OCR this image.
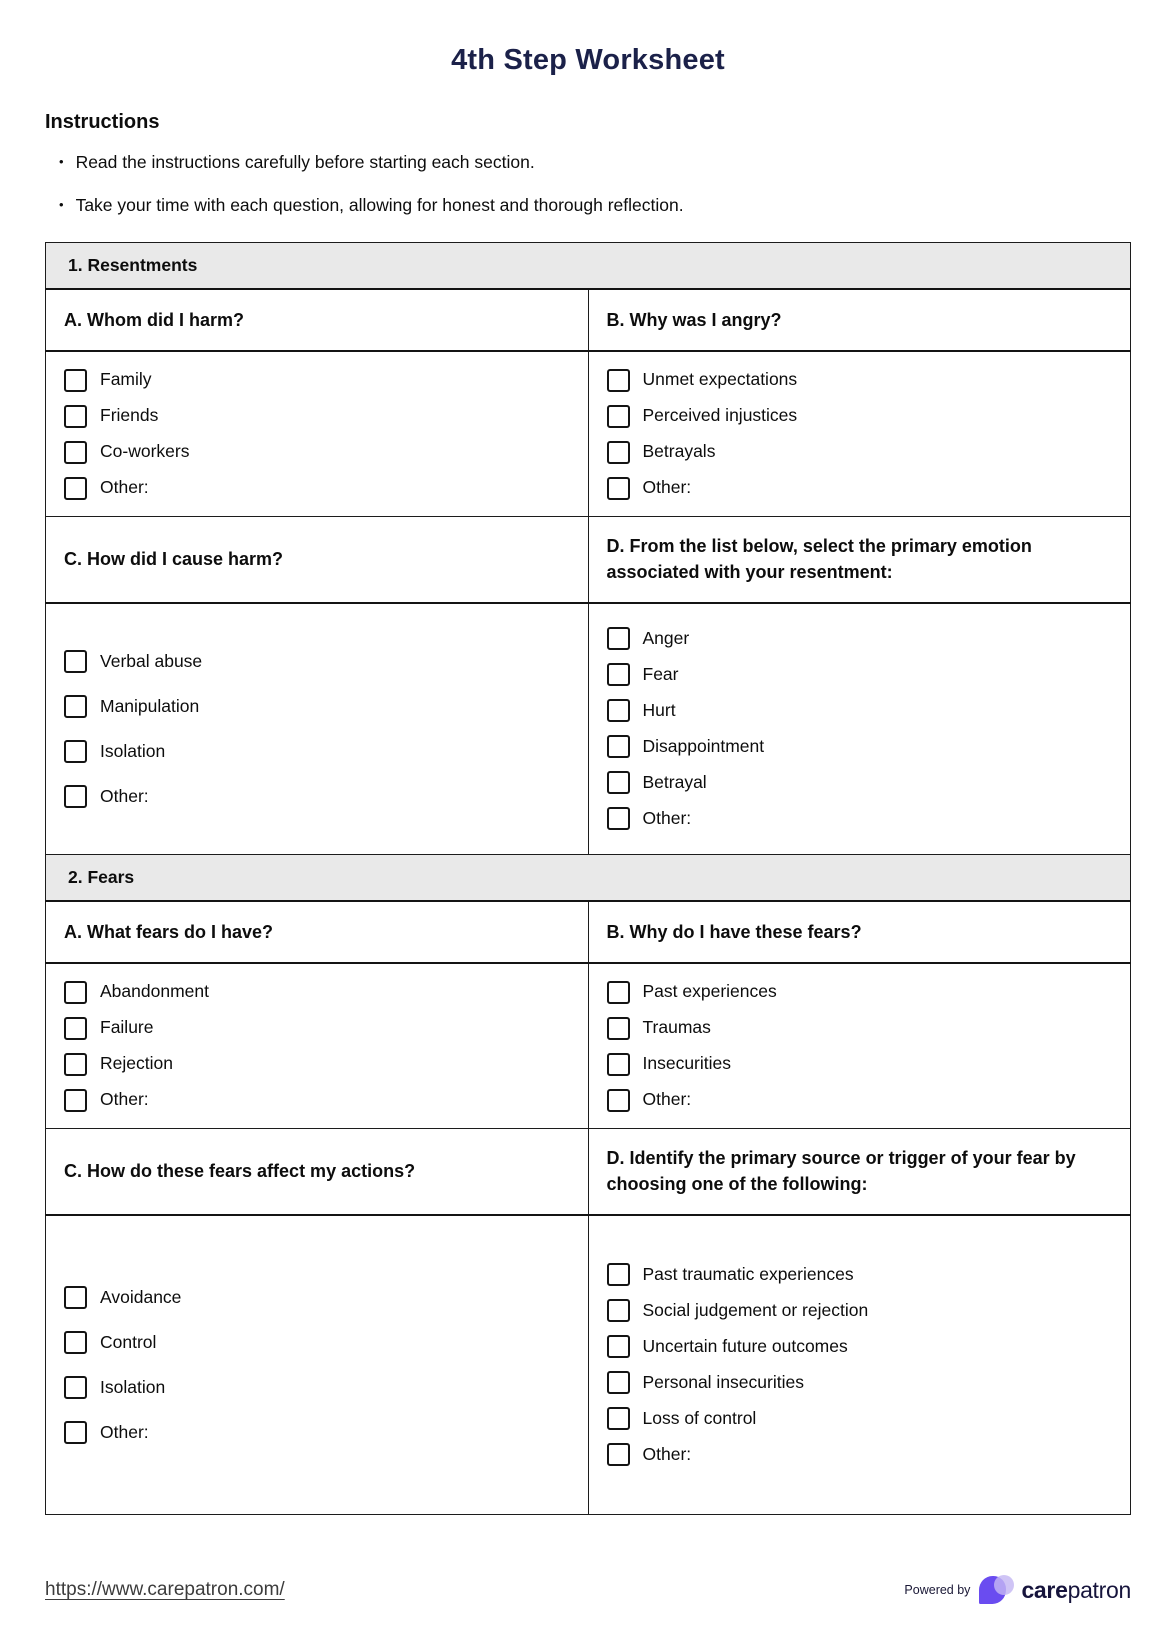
4th Step Worksheet
Instructions
• Read the instructions carefully before starting each section.
• Take your time with each question, allowing for honest and thorough reflection.
1. Resentments	
A. Whom did I harm?	B. Why was I angry?

Family
Friends
Co-workers
Other:

Unmet expectations
Perceived injustices
Betrayals
Other:

C. How did I cause harm?	D. From the list below, select the primary emotion associated with your resentment:

Verbal abuse
Manipulation
Isolation
Other:

Anger
Fear
Hurt
Disappointment
Betrayal
Other:

2. Fears	
A. What fears do I have?	B. Why do I have these fears?

Abandonment
Failure
Rejection
Other:

Past experiences
Traumas
Insecurities
Other:

C. How do these fears affect my actions?	D. Identify the primary source or trigger of your fear by choosing one of the following:

Avoidance
Control
Isolation
Other:

Past traumatic experiences
Social judgement or rejection
Uncertain future outcomes
Personal insecurities
Loss of control
Other:
https://www.carepatron.com/	Powered by carepatron
